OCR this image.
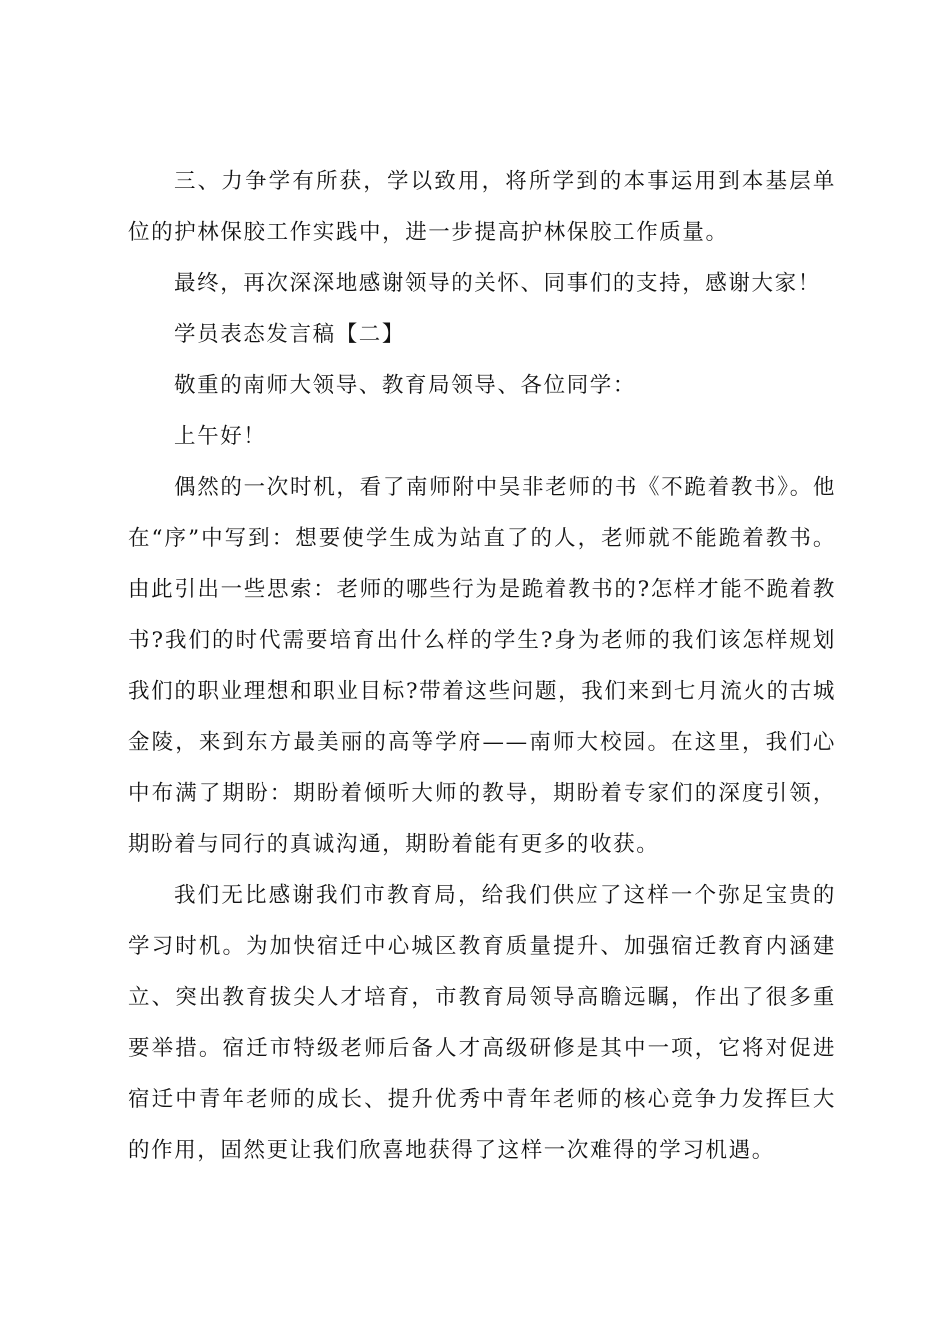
三、力争学有所获，学以致用，将所学到的本事运用到本基层单位的护林保胶工作实践中，进一步提高护林保胶工作质量。

最终，再次深深地感谢领导的关怀、同事们的支持，感谢大家！

学员表态发言稿【二】

敬重的南师大领导、教育局领导、各位同学：

上午好！

偶然的一次时机，看了南师附中吴非老师的书《不跪着教书》。他在“序”中写到：想要使学生成为站直了的人，老师就不能跪着教书。由此引出一些思索：老师的哪些行为是跪着教书的?怎样才能不跪着教书?我们的时代需要培育出什么样的学生?身为老师的我们该怎样规划我们的职业理想和职业目标?带着这些问题，我们来到七月流火的古城金陵，来到东方最美丽的高等学府——南师大校园。在这里，我们心中布满了期盼：期盼着倾听大师的教导，期盼着专家们的深度引领，期盼着与同行的真诚沟通，期盼着能有更多的收获。

我们无比感谢我们市教育局，给我们供应了这样一个弥足宝贵的学习时机。为加快宿迁中心城区教育质量提升、加强宿迁教育内涵建立、突出教育拔尖人才培育，市教育局领导高瞻远瞩，作出了很多重要举措。宿迁市特级老师后备人才高级研修是其中一项，它将对促进宿迁中青年老师的成长、提升优秀中青年老师的核心竞争力发挥巨大的作用，固然更让我们欣喜地获得了这样一次难得的学习机遇。
